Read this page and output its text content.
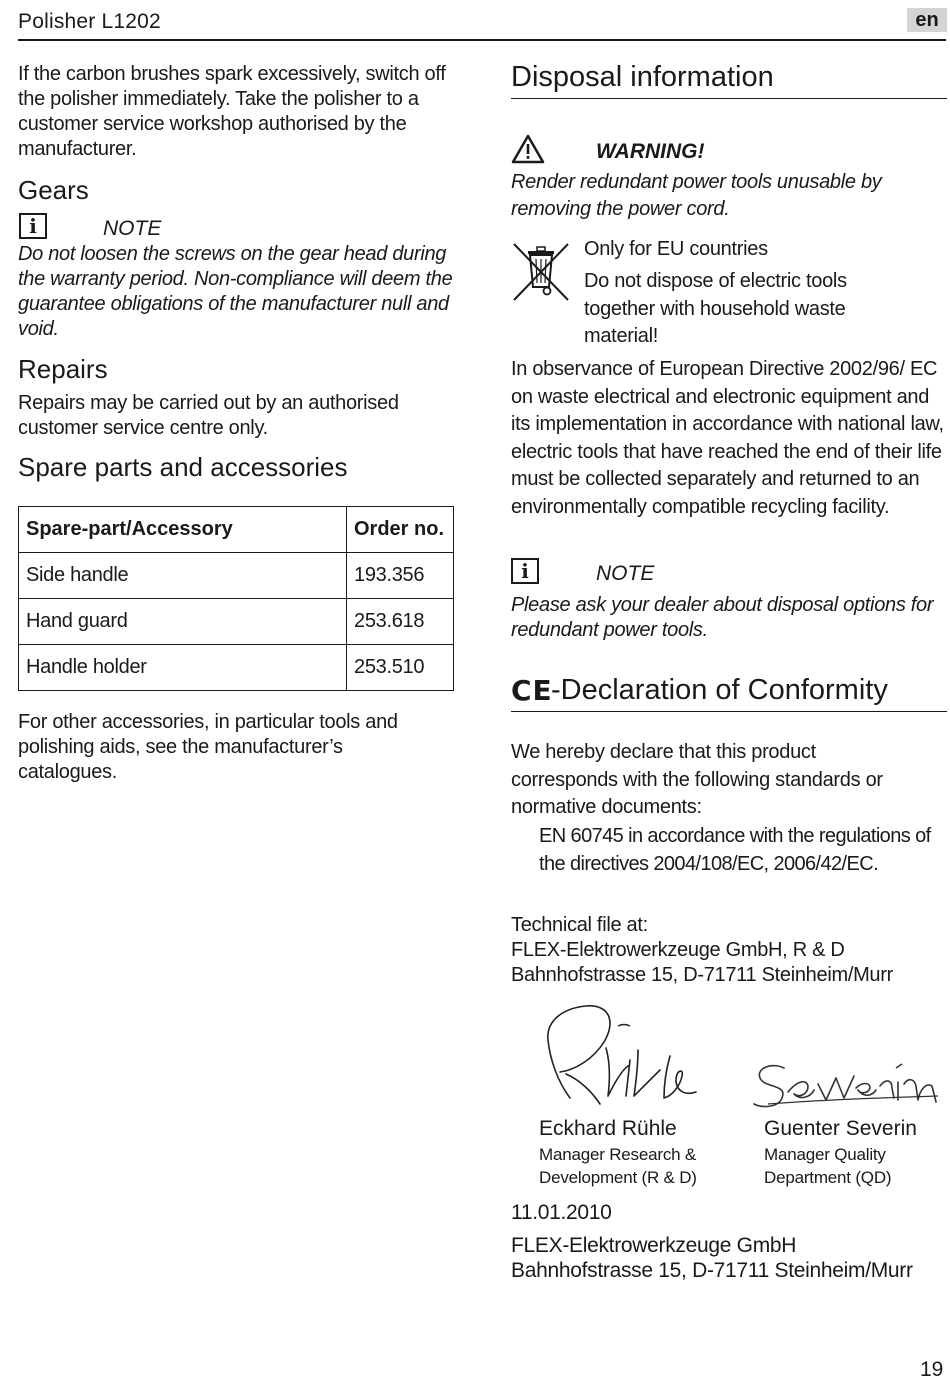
Polisher L1202	en
If the carbon brushes spark excessively, switch off the polisher immediately. Take the polisher to a customer service workshop authorised by the manufacturer.
Gears
i	NOTE
Do not loosen the screws on the gear head during the warranty period. Non-compliance will deem the guarantee obligations of the manufacturer null and void.
Repairs
Repairs may be carried out by an authorised customer service centre only.
Spare parts and accessories
Spare-part/Accessory	Order no.
Side handle	193.356
Hand guard	253.618
Handle holder	253.510
For other accessories, in particular tools and polishing aids, see the manufacturer’s catalogues.
Disposal information
WARNING!
Render redundant power tools unusable by removing the power cord.
Only for EU countries
Do not dispose of electric tools together with household waste material!
In observance of European Directive 2002/96/ EC on waste electrical and electronic equipment and its implementation in accordance with national law, electric tools that have reached the end of their life must be collected separately and returned to an environmentally compatible recycling facility.
i	NOTE
Please ask your dealer about disposal options for redundant power tools.
CE
-Declaration of Conformity
We hereby declare that this product corresponds with the following standards or normative documents:
EN 60745 in accordance with the regulations of the directives 2004/108/EC, 2006/42/EC.
Technical file at:
FLEX-Elektrowerkzeuge GmbH, R & D
Bahnhofstrasse 15, D-71711 Steinheim/Murr
Eckhard Rühle
Manager Research & Development (R & D)
Guenter Severin
Manager Quality Department (QD)
11.01.2010
FLEX-Elektrowerkzeuge GmbH
Bahnhofstrasse 15, D-71711 Steinheim/Murr
19
